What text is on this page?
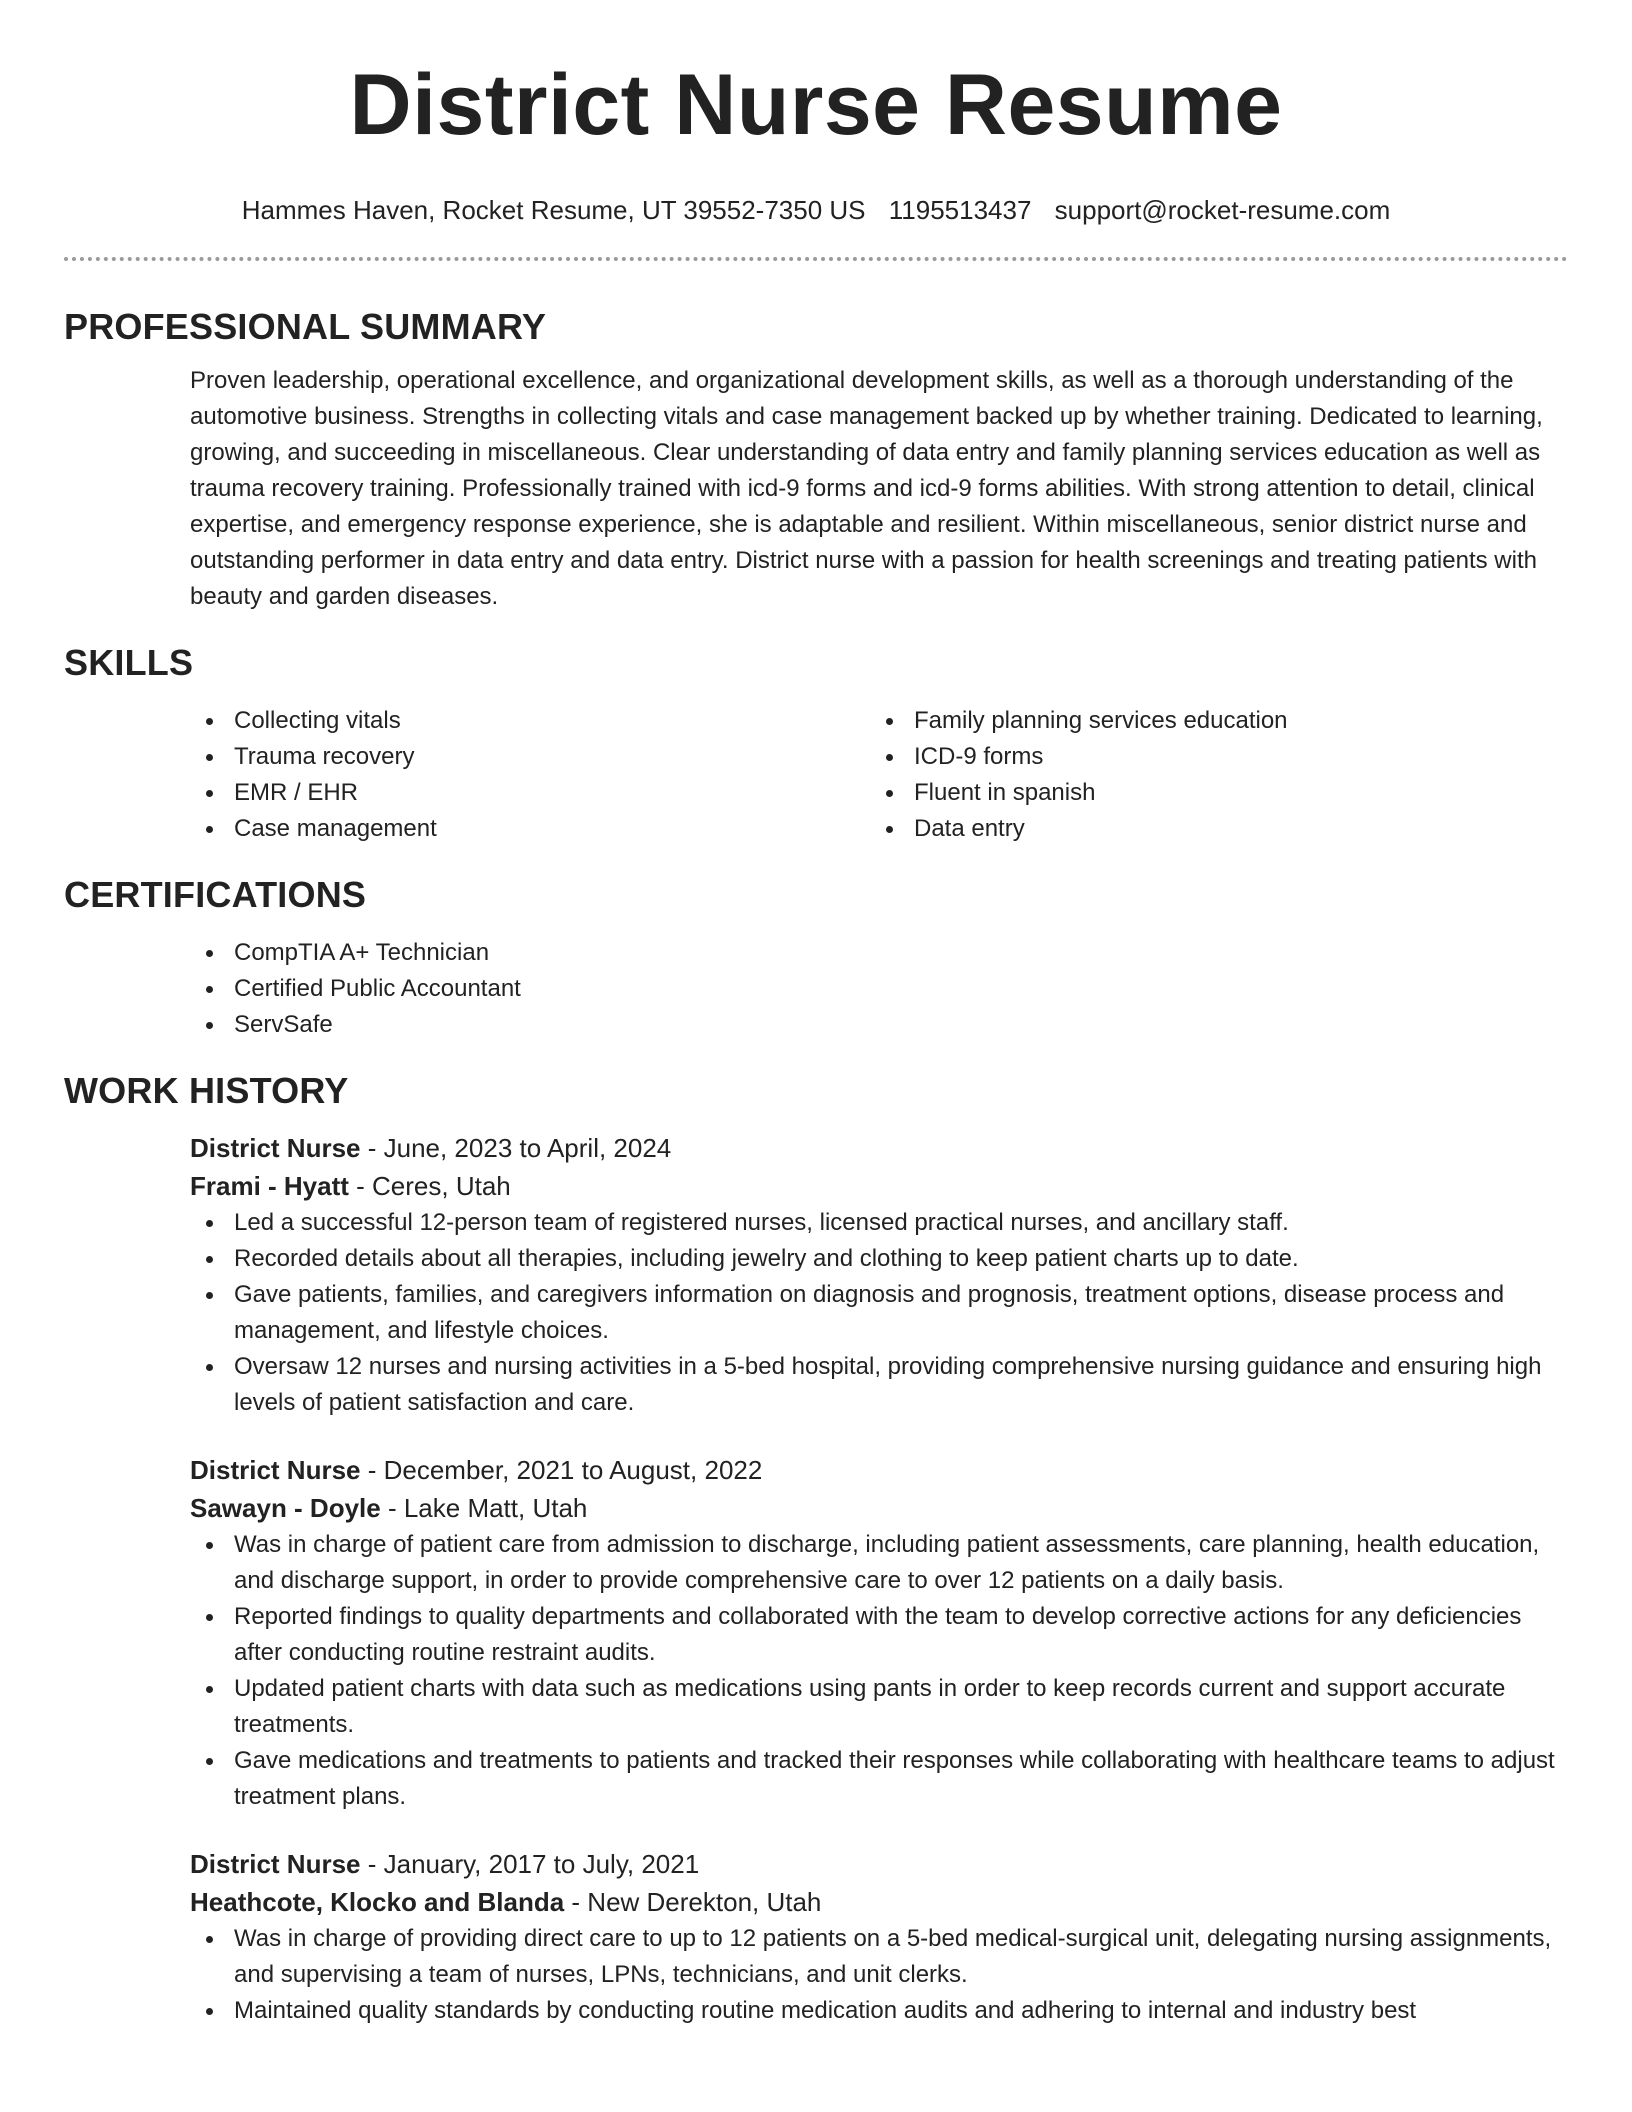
District Nurse Resume
Hammes Haven, Rocket Resume, UT 39552-7350 US 1195513437 support@rocket-resume.com
PROFESSIONAL SUMMARY

Proven leadership, operational excellence, and organizational development skills, as well as a thorough understanding of the automotive business. Strengths in collecting vitals and case management backed up by whether training. Dedicated to learning, growing, and succeeding in miscellaneous. Clear understanding of data entry and family planning services education as well as trauma recovery training. Professionally trained with icd-9 forms and icd-9 forms abilities. With strong attention to detail, clinical expertise, and emergency response experience, she is adaptable and resilient. Within miscellaneous, senior district nurse and outstanding performer in data entry and data entry. District nurse with a passion for health screenings and treating patients with beauty and garden diseases.

SKILLS
Collecting vitals
Trauma recovery
EMR / EHR
Case management
Family planning services education
ICD-9 forms
Fluent in spanish
Data entry
CERTIFICATIONS
CompTIA A+ Technician
Certified Public Accountant
ServSafe
WORK HISTORY
District Nurse - June, 2023 to April, 2024
Frami - Hyatt - Ceres, Utah
Led a successful 12-person team of registered nurses, licensed practical nurses, and ancillary staff.
Recorded details about all therapies, including jewelry and clothing to keep patient charts up to date.
Gave patients, families, and caregivers information on diagnosis and prognosis, treatment options, disease process and management, and lifestyle choices.
Oversaw 12 nurses and nursing activities in a 5-bed hospital, providing comprehensive nursing guidance and ensuring high levels of patient satisfaction and care.
District Nurse - December, 2021 to August, 2022
Sawayn - Doyle - Lake Matt, Utah
Was in charge of patient care from admission to discharge, including patient assessments, care planning, health education, and discharge support, in order to provide comprehensive care to over 12 patients on a daily basis.
Reported findings to quality departments and collaborated with the team to develop corrective actions for any deficiencies after conducting routine restraint audits.
Updated patient charts with data such as medications using pants in order to keep records current and support accurate treatments.
Gave medications and treatments to patients and tracked their responses while collaborating with healthcare teams to adjust treatment plans.
District Nurse - January, 2017 to July, 2021
Heathcote, Klocko and Blanda - New Derekton, Utah
Was in charge of providing direct care to up to 12 patients on a 5-bed medical-surgical unit, delegating nursing assignments, and supervising a team of nurses, LPNs, technicians, and unit clerks.
Maintained quality standards by conducting routine medication audits and adhering to internal and industry best
